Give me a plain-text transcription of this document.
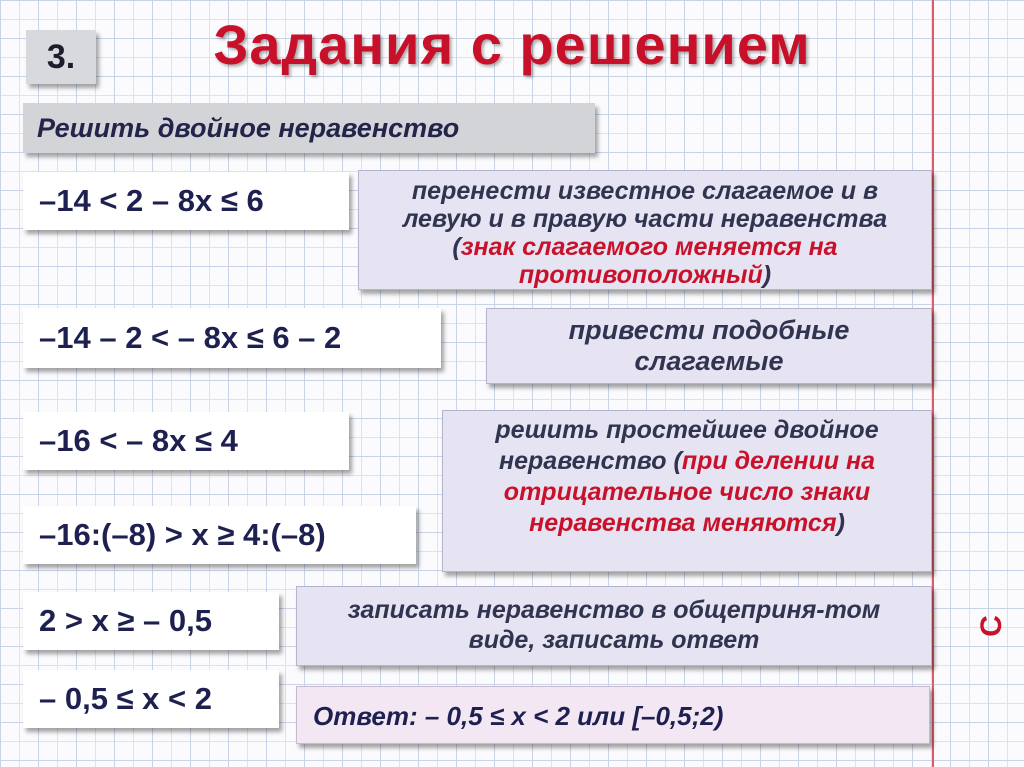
С
3.	Задания с решением
Решить двойное неравенство
–14 < 2 – 8x ≤ 6	перенести известное слагаемое и в левую и в правую части неравенства (знак слагаемого меняется на противоположный)
–14 – 2 < – 8x ≤ 6 – 2	привести подобные слагаемые
–16 < – 8x ≤ 4	решить простейшее двойное неравенство (при делении на отрицательное число знаки неравенства меняются)
–16:(–8) > x ≥ 4:(–8)
2 > x ≥ – 0,5	записать неравенство в общеприня-том виде, записать ответ
– 0,5 ≤ x < 2	Ответ: – 0,5 ≤ x < 2 или [–0,5;2)
